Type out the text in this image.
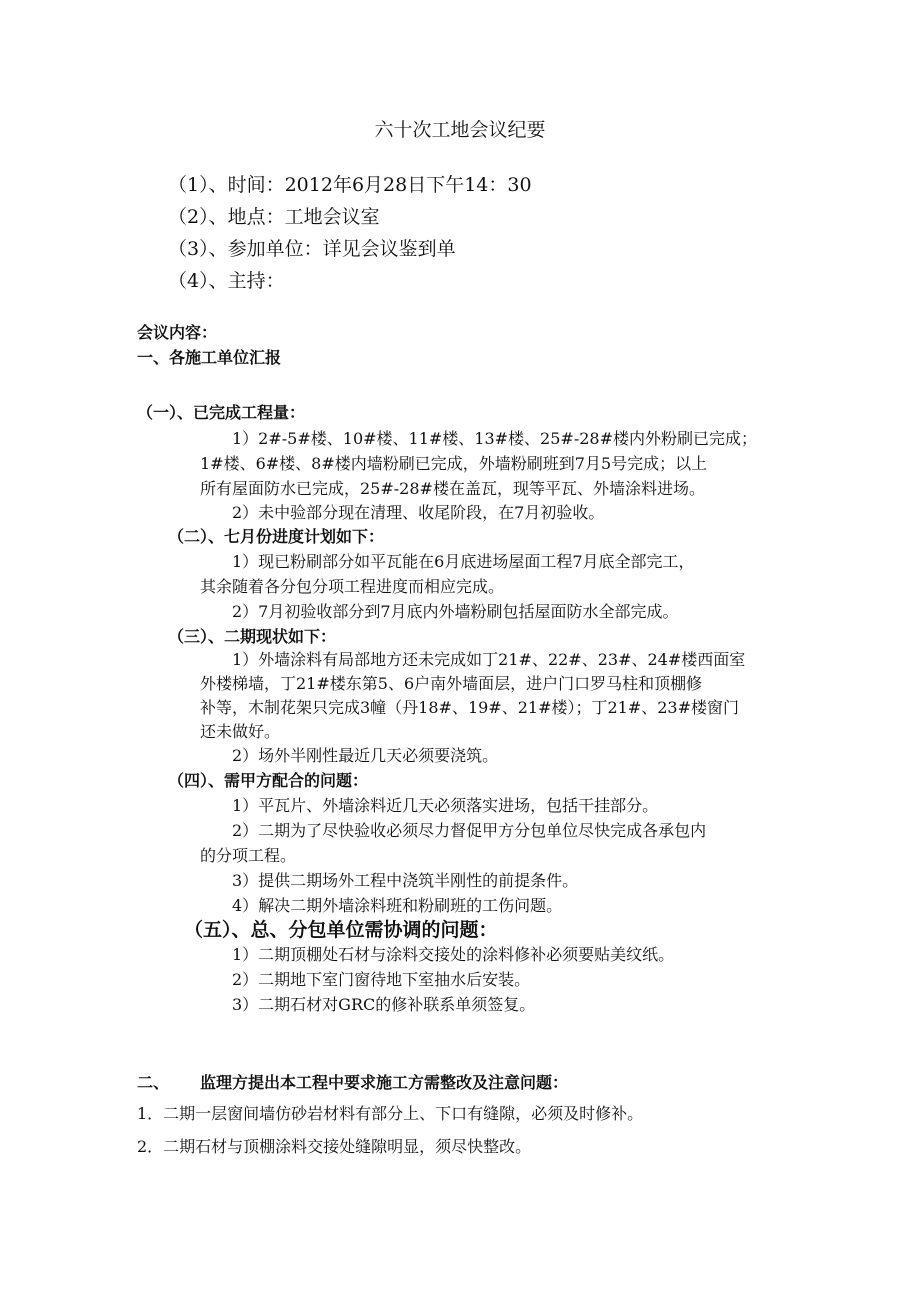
六十次工地会议纪要
（1）、时间：2012年6月28日下午14：30
（2）、地点：工地会议室
（3）、参加单位：详见会议鉴到单
（4）、主持：
会议内容：
一、各施工单位汇报
（一）、已完成工程量：
1）2#-5#楼、10#楼、11#楼、13#楼、25#-28#楼内外粉刷已完成；
1#楼、6#楼、8#楼内墙粉刷已完成，外墙粉刷班到7月5号完成；以上
所有屋面防水已完成，25#-28#楼在盖瓦，现等平瓦、外墙涂料进场。
2）未中验部分现在清理、收尾阶段，在7月初验收。
（二）、七月份进度计划如下：
1）现已粉刷部分如平瓦能在6月底进场屋面工程7月底全部完工，
其余随着各分包分项工程进度而相应完成。
2）7月初验收部分到7月底内外墙粉刷包括屋面防水全部完成。
（三）、二期现状如下：
1）外墙涂料有局部地方还未完成如丁21#、22#、23#、24#楼西面室
外楼梯墙，丁21#楼东第5、6户南外墙面层，进户门口罗马柱和顶棚修
补等，木制花架只完成3幢（丹18#、19#、21#楼）；丁21#、23#楼窗门
还未做好。
2）场外半刚性最近几天必须要浇筑。
（四）、需甲方配合的问题：
1）平瓦片、外墙涂料近几天必须落实进场，包括干挂部分。
2）二期为了尽快验收必须尽力督促甲方分包单位尽快完成各承包内
的分项工程。
3）提供二期场外工程中浇筑半刚性的前提条件。
4）解决二期外墙涂料班和粉刷班的工伤问题。
（五）、总、分包单位需协调的问题：
1）二期顶棚处石材与涂料交接处的涂料修补必须要贴美纹纸。
2）二期地下室门窗待地下室抽水后安装。
3）二期石材对GRC的修补联系单须签复。
二、 监理方提出本工程中要求施工方需整改及注意问题：
1．二期一层窗间墙仿砂岩材料有部分上、下口有缝隙，必须及时修补。
2．二期石材与顶棚涂料交接处缝隙明显，须尽快整改。
